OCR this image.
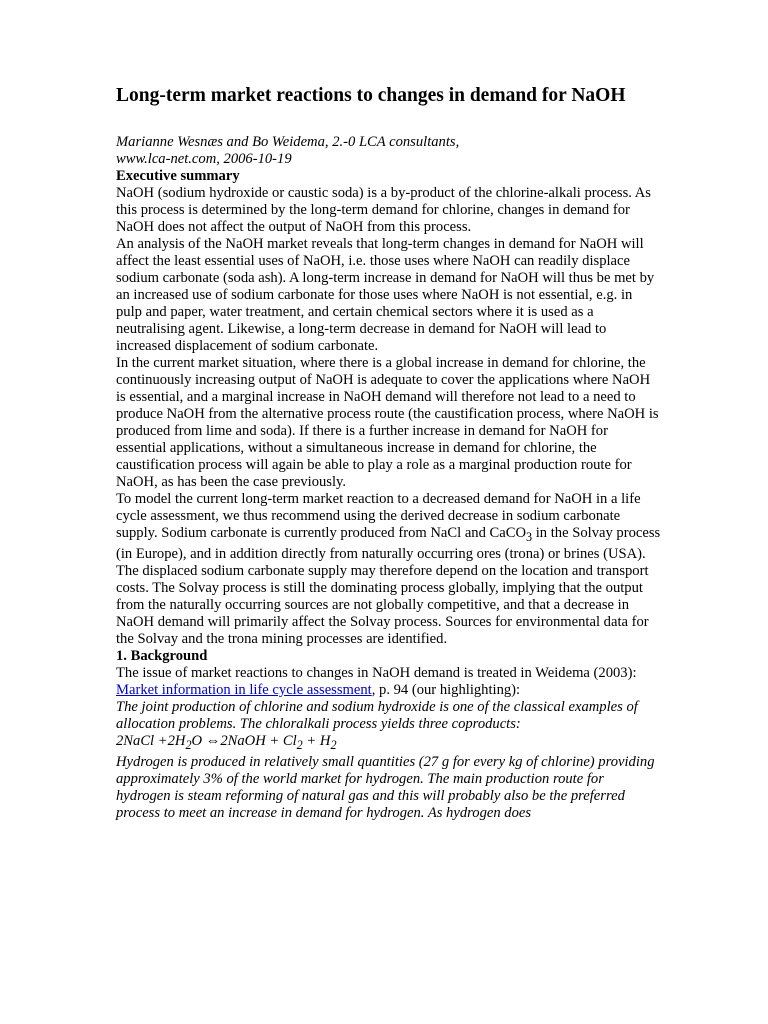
Long-term market reactions to changes in demand for NaOH

Marianne Wesnæs and Bo Weidema, 2.-0 LCA consultants,
www.lca-net.com, 2006-10-19

Executive summary

NaOH (sodium hydroxide or caustic soda) is a by-product of the chlorine-alkali process. As this process is determined by the long-term demand for chlorine, changes in demand for NaOH does not affect the output of NaOH from this process.

An analysis of the NaOH market reveals that long-term changes in demand for NaOH will affect the least essential uses of NaOH, i.e. those uses where NaOH can readily displace sodium carbonate (soda ash). A long-term increase in demand for NaOH will thus be met by an increased use of sodium carbonate for those uses where NaOH is not essential, e.g. in pulp and paper, water treatment, and certain chemical sectors where it is used as a neutralising agent. Likewise, a long-term decrease in demand for NaOH will lead to increased displacement of sodium carbonate.

In the current market situation, where there is a global increase in demand for chlorine, the continuously increasing output of NaOH is adequate to cover the applications where NaOH is essential, and a marginal increase in NaOH demand will therefore not lead to a need to produce NaOH from the alternative process route (the caustification process, where NaOH is produced from lime and soda). If there is a further increase in demand for NaOH for essential applications, without a simultaneous increase in demand for chlorine, the caustification process will again be able to play a role as a marginal production route for NaOH, as has been the case previously.

To model the current long-term market reaction to a decreased demand for NaOH in a life cycle assessment, we thus recommend using the derived decrease in sodium carbonate supply. Sodium carbonate is currently produced from NaCl and CaCO$_3$ in the Solvay process (in Europe), and in addition directly from naturally occurring ores (trona) or brines (USA). The displaced sodium carbonate supply may therefore depend on the location and transport costs. The Solvay process is still the dominating process globally, implying that the output from the naturally occurring sources are not globally competitive, and that a decrease in NaOH demand will primarily affect the Solvay process. Sources for environmental data for the Solvay and the trona mining processes are identified.

1. Background

The issue of market reactions to changes in NaOH demand is treated in Weidema (2003): Market information in life cycle assessment, p. 94 (our highlighting):

The joint production of chlorine and sodium hydroxide is one of the classical examples of allocation problems. The chloralkali process yields three coproducts:

2NaCl $+2H_2O$ ⇔2NaOH + $Cl_2 + H_2$

Hydrogen is produced in relatively small quantities (27 g for every kg of chlorine) providing approximately 3% of the world market for hydrogen. The main production route for hydrogen is steam reforming of natural gas and this will probably also be the preferred process to meet an increase in demand for hydrogen. As hydrogen does
